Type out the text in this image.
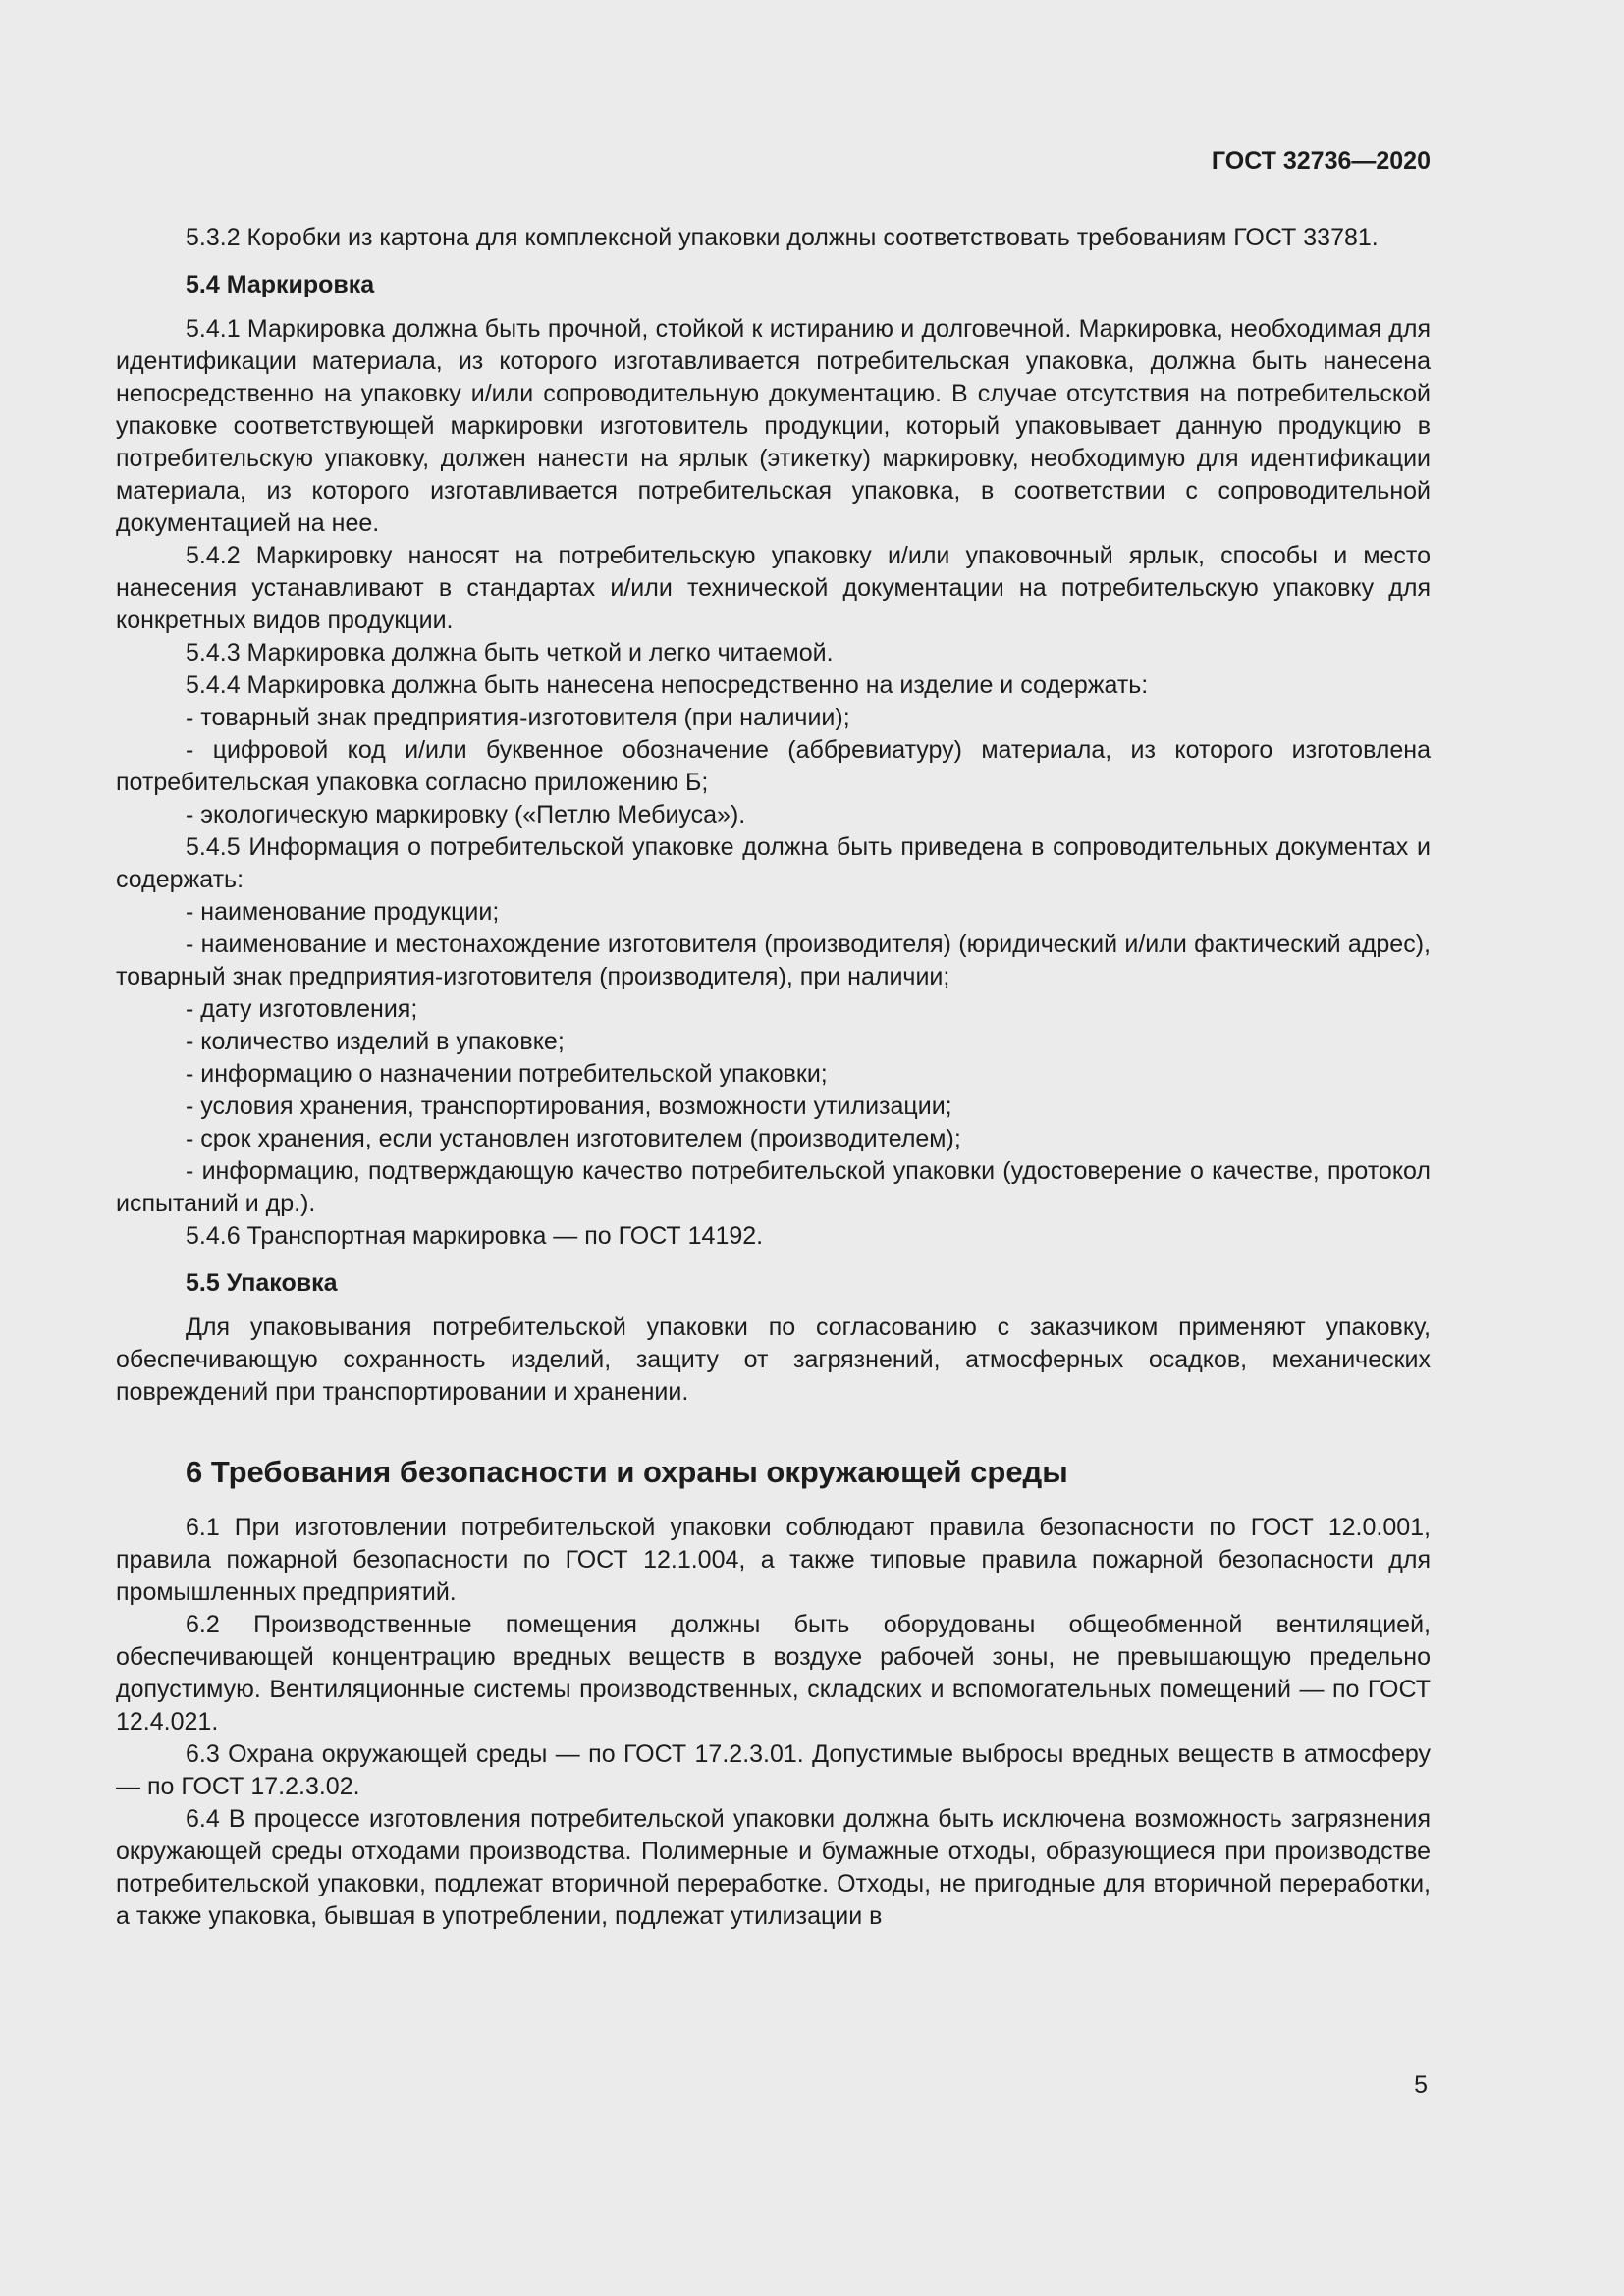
ГОСТ 32736—2020

5.3.2 Коробки из картона для комплексной упаковки должны соответствовать требованиям ГОСТ 33781.

5.4 Маркировка

5.4.1 Маркировка должна быть прочной, стойкой к истиранию и долговечной. Маркировка, необходимая для идентификации материала, из которого изготавливается потребительская упаковка, должна быть нанесена непосредственно на упаковку и/или сопроводительную документацию. В случае отсутствия на потребительской упаковке соответствующей маркировки изготовитель продукции, который упаковывает данную продукцию в потребительскую упаковку, должен нанести на ярлык (этикетку) маркировку, необходимую для идентификации материала, из которого изготавливается потребительская упаковка, в соответствии с сопроводительной документацией на нее.

5.4.2 Маркировку наносят на потребительскую упаковку и/или упаковочный ярлык, способы и место нанесения устанавливают в стандартах и/или технической документации на потребительскую упаковку для конкретных видов продукции.

5.4.3 Маркировка должна быть четкой и легко читаемой.

5.4.4 Маркировка должна быть нанесена непосредственно на изделие и содержать:

- товарный знак предприятия-изготовителя (при наличии);

- цифровой код и/или буквенное обозначение (аббревиатуру) материала, из которого изготовлена потребительская упаковка согласно приложению Б;

- экологическую маркировку («Петлю Мебиуса»).

5.4.5 Информация о потребительской упаковке должна быть приведена в сопроводительных документах и содержать:

- наименование продукции;

- наименование и местонахождение изготовителя (производителя) (юридический и/или фактический адрес), товарный знак предприятия-изготовителя (производителя), при наличии;

- дату изготовления;

- количество изделий в упаковке;

- информацию о назначении потребительской упаковки;

- условия хранения, транспортирования, возможности утилизации;

- срок хранения, если установлен изготовителем (производителем);

- информацию, подтверждающую качество потребительской упаковки (удостоверение о качестве, протокол испытаний и др.).

5.4.6 Транспортная маркировка — по ГОСТ 14192.

5.5 Упаковка

Для упаковывания потребительской упаковки по согласованию с заказчиком применяют упаковку, обеспечивающую сохранность изделий, защиту от загрязнений, атмосферных осадков, механических повреждений при транспортировании и хранении.

6 Требования безопасности и охраны окружающей среды

6.1 При изготовлении потребительской упаковки соблюдают правила безопасности по ГОСТ 12.0.001, правила пожарной безопасности по ГОСТ 12.1.004, а также типовые правила пожарной безопасности для промышленных предприятий.

6.2 Производственные помещения должны быть оборудованы общеобменной вентиляцией, обеспечивающей концентрацию вредных веществ в воздухе рабочей зоны, не превышающую предельно допустимую. Вентиляционные системы производственных, складских и вспомогательных помещений — по ГОСТ 12.4.021.

6.3 Охрана окружающей среды — по ГОСТ 17.2.3.01. Допустимые выбросы вредных веществ в атмосферу — по ГОСТ 17.2.3.02.

6.4 В процессе изготовления потребительской упаковки должна быть исключена возможность загрязнения окружающей среды отходами производства. Полимерные и бумажные отходы, образующиеся при производстве потребительской упаковки, подлежат вторичной переработке. Отходы, не пригодные для вторичной переработки, а также упаковка, бывшая в употреблении, подлежат утилизации в

5
